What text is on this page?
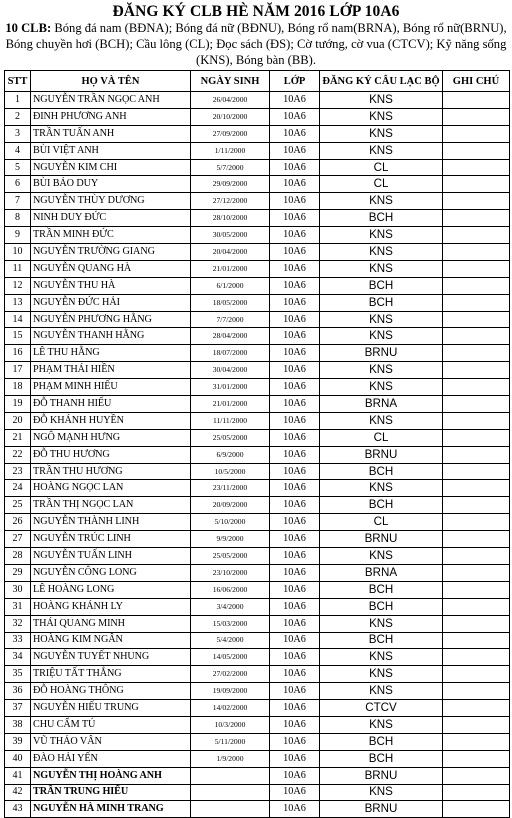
ĐĂNG KÝ CLB HÈ NĂM 2016 LỚP 10A6
10 CLB: Bóng đá nam (BĐNA); Bóng đá nữ (BĐNU), Bóng rổ nam(BRNA), Bóng rổ nữ(BRNU), Bóng chuyền hơi (BCH); Cầu lông (CL); Đọc sách (ĐS); Cờ tướng, cờ vua (CTCV); Kỹ năng sống (KNS), Bóng bàn (BB).
STT	HỌ VÀ TÊN	NGÀY SINH	LỚP	ĐĂNG KÝ CÂU LẠC BỘ	GHI CHÚ
1	NGUYỄN TRẦN NGỌC ANH	26/04/2000	10A6	KNS	
2	ĐINH PHƯƠNG ANH	20/10/2000	10A6	KNS	
3	TRẦN TUẤN ANH	27/09/2000	10A6	KNS	
4	BÙI VIỆT ANH	1/11/2000	10A6	KNS	
5	NGUYỄN KIM CHI	5/7/2000	10A6	CL	
6	BÙI BẢO DUY	29/09/2000	10A6	CL	
7	NGUYỄN THÙY DƯƠNG	27/12/2000	10A6	KNS	
8	NINH DUY ĐỨC	28/10/2000	10A6	BCH	
9	TRẦN MINH ĐỨC	30/05/2000	10A6	KNS	
10	NGUYỄN TRƯỜNG GIANG	20/04/2000	10A6	KNS	
11	NGUYỄN QUANG HÀ	21/01/2000	10A6	KNS	
12	NGUYỄN THU HÀ	6/1/2000	10A6	BCH	
13	NGUYỄN ĐỨC HẢI	18/05/2000	10A6	BCH	
14	NGUYỄN PHƯƠNG HẰNG	7/7/2000	10A6	KNS	
15	NGUYỄN THANH HẰNG	28/04/2000	10A6	KNS	
16	LÊ THU HẰNG	18/07/2000	10A6	BRNU	
17	PHẠM THÁI HIỀN	30/04/2000	10A6	KNS	
18	PHẠM MINH HIẾU	31/01/2000	10A6	KNS	
19	ĐỖ THANH HIẾU	21/01/2000	10A6	BRNA	
20	ĐỖ KHÁNH HUYỀN	11/11/2000	10A6	KNS	
21	NGÔ MẠNH HƯNG	25/05/2000	10A6	CL	
22	ĐỖ THU HƯƠNG	6/9/2000	10A6	BRNU	
23	TRẦN THU HƯƠNG	10/5/2000	10A6	BCH	
24	HOÀNG NGỌC LAN	23/11/2000	10A6	KNS	
25	TRẦN THỊ NGỌC LAN	20/09/2000	10A6	BCH	
26	NGUYỄN THÀNH LINH	5/10/2000	10A6	CL	
27	NGUYỄN TRÚC LINH	9/9/2000	10A6	BRNU	
28	NGUYỄN TUẤN LINH	25/05/2000	10A6	KNS	
29	NGUYỄN CÔNG LONG	23/10/2000	10A6	BRNA	
30	LÊ HOÀNG LONG	16/06/2000	10A6	BCH	
31	HOÀNG KHÁNH LY	3/4/2000	10A6	BCH	
32	THÁI QUANG MINH	15/03/2000	10A6	KNS	
33	HOÀNG KIM NGÂN	5/4/2000	10A6	BCH	
34	NGUYỄN TUYẾT NHUNG	14/05/2000	10A6	KNS	
35	TRIỆU TẤT THẮNG	27/02/2000	10A6	KNS	
36	ĐỖ HOÀNG THÔNG	19/09/2000	10A6	KNS	
37	NGUYỄN HIẾU TRUNG	14/02/2000	10A6	CTCV	
38	CHU CẨM TÚ	10/3/2000	10A6	KNS	
39	VŨ THẢO VÂN	5/11/2000	10A6	BCH	
40	ĐÀO HẢI YẾN	1/9/2000	10A6	BCH	
41	NGUYỄN THỊ HOÀNG ANH		10A6	BRNU	
42	TRẦN TRUNG HIẾU		10A6	KNS	
43	NGUYỄN HÀ MINH TRANG		10A6	BRNU	
